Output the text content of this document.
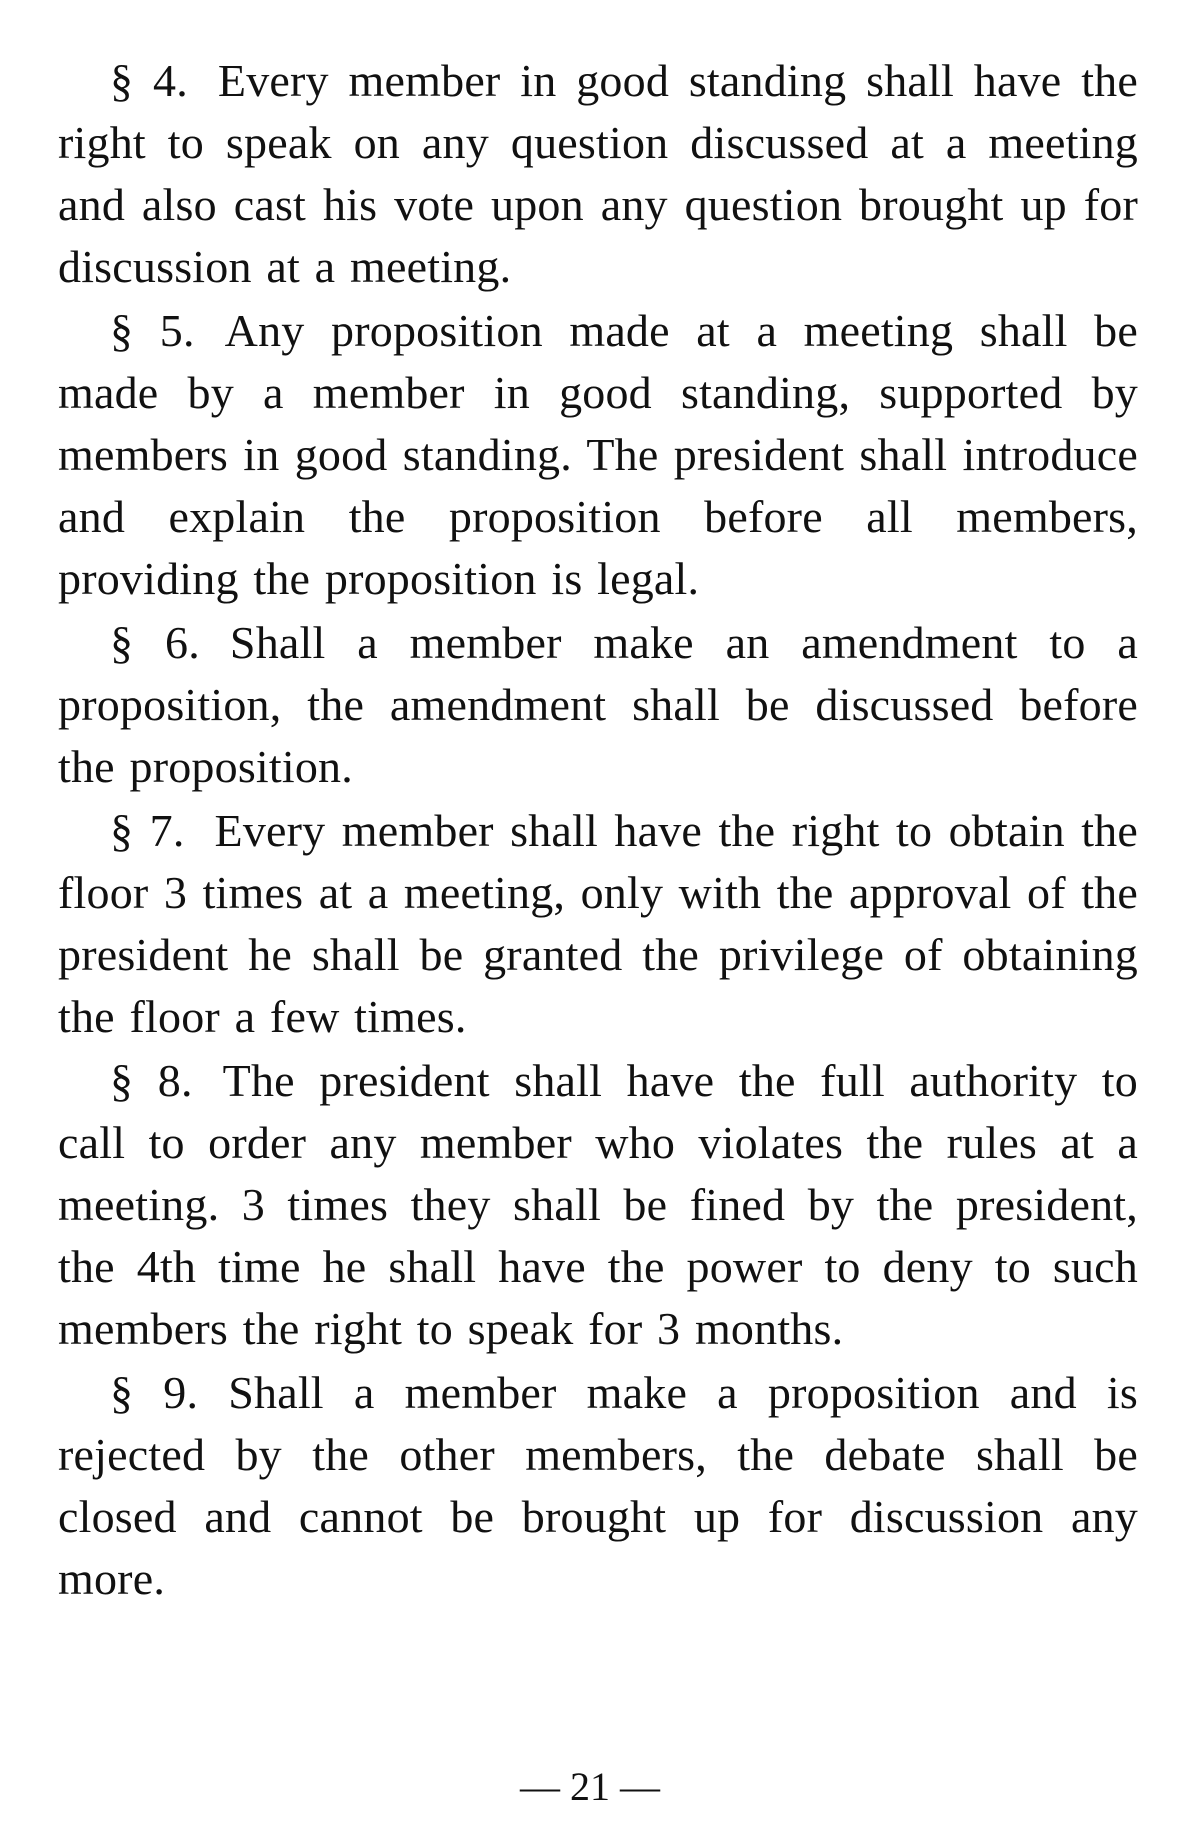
§ 4. Every member in good standing shall have the right to speak on any question discussed at a meeting and also cast his vote upon any question brought up for discussion at a meeting.

§ 5. Any proposition made at a meeting shall be made by a member in good standing, supported by members in good standing. The president shall introduce and explain the proposition before all members, providing the proposition is legal.

§ 6. Shall a member make an amendment to a proposition, the amendment shall be discussed before the proposition.

§ 7. Every member shall have the right to obtain the floor 3 times at a meeting, only with the approval of the president he shall be granted the privilege of obtaining the floor a few times.

§ 8. The president shall have the full authority to call to order any member who violates the rules at a meeting. 3 times they shall be fined by the president, the 4th time he shall have the power to deny to such members the right to speak for 3 months.

§ 9. Shall a member make a proposition and is rejected by the other members, the debate shall be closed and cannot be brought up for discussion any more.

— 21 —
